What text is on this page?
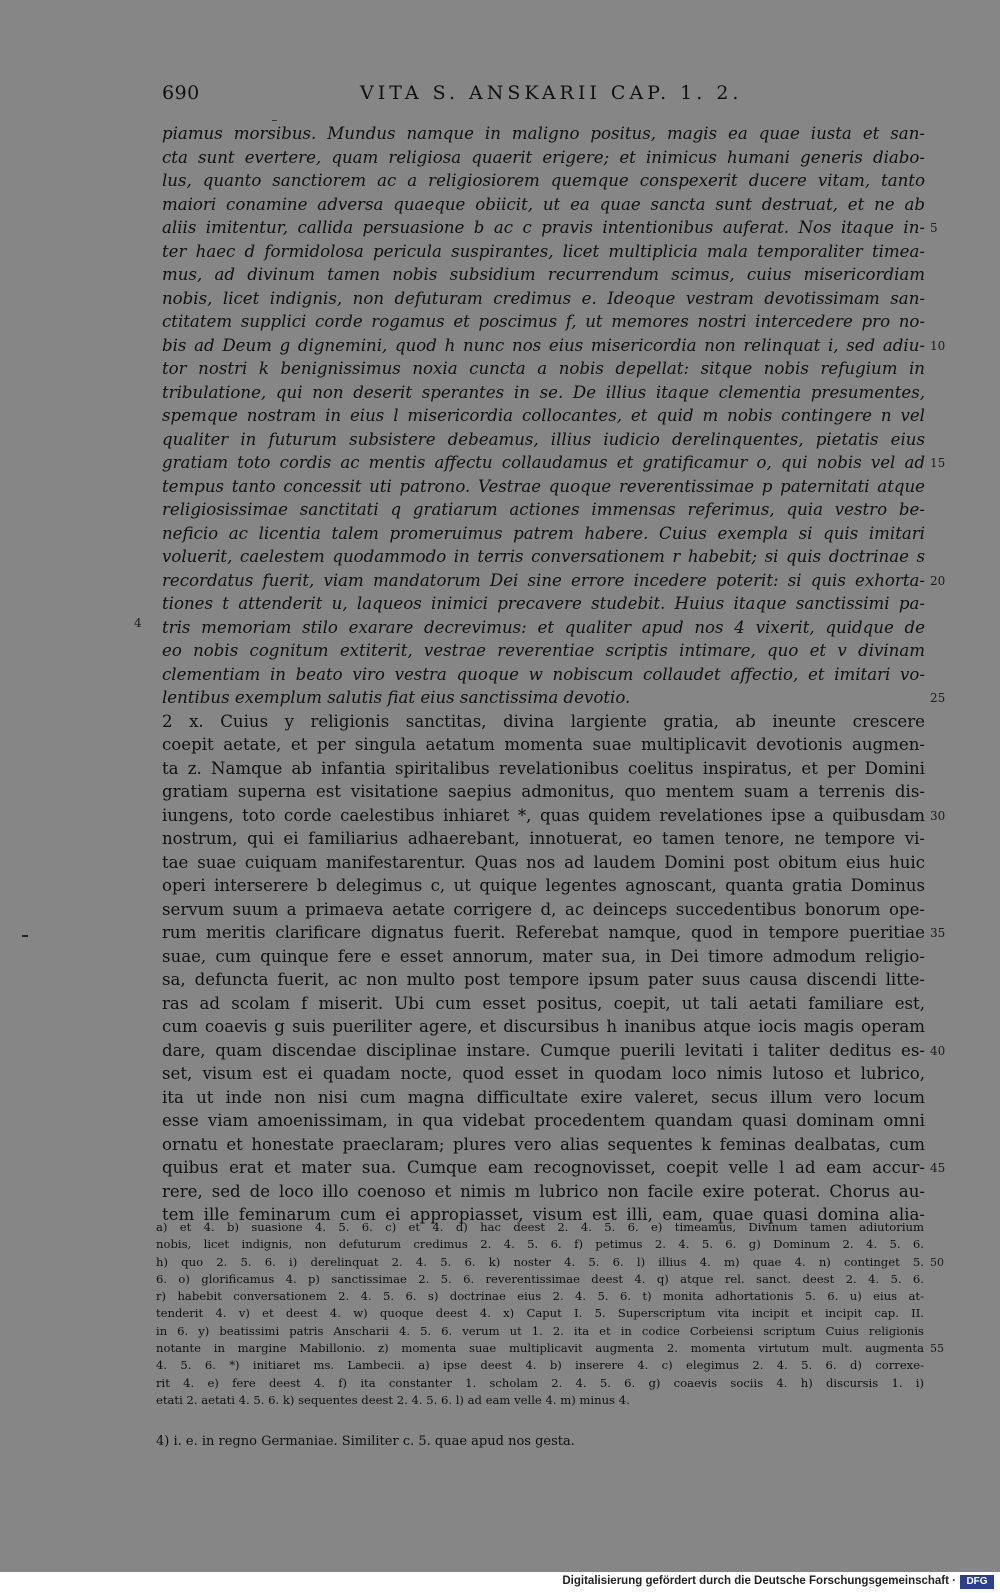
690	VITA S. ANSKARII CAP. 1. 2.
piamus morsibus. Mundus namque in maligno positus, magis ea quae iusta et san-
cta sunt evertere, quam religiosa quaerit erigere; et inimicus humani generis diabo-
lus, quanto sanctiorem ac a religiosiorem quemque conspexerit ducere vitam, tanto
maiori conamine adversa quaeque obiicit, ut ea quae sancta sunt destruat, et ne ab
aliis imitentur, callida persuasione b ac c pravis intentionibus auferat. Nos itaque in-
ter haec d formidolosa pericula suspirantes, licet multiplicia mala temporaliter timea-
mus, ad divinum tamen nobis subsidium recurrendum scimus, cuius misericordiam
nobis, licet indignis, non defuturam credimus e. Ideoque vestram devotissimam san-
ctitatem supplici corde rogamus et poscimus f, ut memores nostri intercedere pro no-
bis ad Deum g dignemini, quod h nunc nos eius misericordia non relinquat i, sed adiu-
tor nostri k benignissimus noxia cuncta a nobis depellat: sitque nobis refugium in
tribulatione, qui non deserit sperantes in se. De illius itaque clementia presumentes,
spemque nostram in eius l misericordia collocantes, et quid m nobis contingere n vel
qualiter in futurum subsistere debeamus, illius iudicio derelinquentes, pietatis eius
gratiam toto cordis ac mentis affectu collaudamus et gratificamur o, qui nobis vel ad
tempus tanto concessit uti patrono. Vestrae quoque reverentissimae p paternitati atque
religiosissimae sanctitati q gratiarum actiones immensas referimus, quia vestro be-
neficio ac licentia talem promeruimus patrem habere. Cuius exempla si quis imitari
voluerit, caelestem quodammodo in terris conversationem r habebit; si quis doctrinae s
recordatus fuerit, viam mandatorum Dei sine errore incedere poterit: si quis exhorta-
tiones t attenderit u, laqueos inimici precavere studebit. Huius itaque sanctissimi pa-
tris memoriam stilo exarare decrevimus: et qualiter apud nos 4 vixerit, quidque de
eo nobis cognitum extiterit, vestrae reverentiae scriptis intimare, quo et v divinam
clementiam in beato viro vestra quoque w nobiscum collaudet affectio, et imitari vo-
lentibus exemplum salutis fiat eius sanctissima devotio.
2 x. Cuius y religionis sanctitas, divina largiente gratia, ab ineunte crescere
coepit aetate, et per singula aetatum momenta suae multiplicavit devotionis augmen-
ta z. Namque ab infantia spiritalibus revelationibus coelitus inspiratus, et per Domini
gratiam superna est visitatione saepius admonitus, quo mentem suam a terrenis dis-
iungens, toto corde caelestibus inhiaret *, quas quidem revelationes ipse a quibusdam
nostrum, qui ei familiarius adhaerebant, innotuerat, eo tamen tenore, ne tempore vi-
tae suae cuiquam manifestarentur. Quas nos ad laudem Domini post obitum eius huic
operi interserere b delegimus c, ut quique legentes agnoscant, quanta gratia Dominus
servum suum a primaeva aetate corrigere d, ac deinceps succedentibus bonorum ope-
rum meritis clarificare dignatus fuerit. Referebat namque, quod in tempore pueritiae
suae, cum quinque fere e esset annorum, mater sua, in Dei timore admodum religio-
sa, defuncta fuerit, ac non multo post tempore ipsum pater suus causa discendi litte-
ras ad scolam f miserit. Ubi cum esset positus, coepit, ut tali aetati familiare est,
cum coaevis g suis pueriliter agere, et discursibus h inanibus atque iocis magis operam
dare, quam discendae disciplinae instare. Cumque puerili levitati i taliter deditus es-
set, visum est ei quadam nocte, quod esset in quodam loco nimis lutoso et lubrico,
ita ut inde non nisi cum magna difficultate exire valeret, secus illum vero locum
esse viam amoenissimam, in qua videbat procedentem quandam quasi dominam omni
ornatu et honestate praeclaram; plures vero alias sequentes k feminas dealbatas, cum
quibus erat et mater sua. Cumque eam recognovisset, coepit velle l ad eam accur-
rere, sed de loco illo coenoso et nimis m lubrico non facile exire poterat. Chorus au-
tem ille feminarum cum ei appropiasset, visum est illi, eam, quae quasi domina alia-
5
10
15
20
25
30
35
40
45
4
a) et 4. b) suasione 4. 5. 6. c) et 4. d) hac deest 2. 4. 5. 6. e) timeamus, Divinum tamen adiutorium
nobis, licet indignis, non defuturum credimus 2. 4. 5. 6. f) petimus 2. 4. 5. 6. g) Dominum 2. 4. 5. 6.
h) quo 2. 5. 6. i) derelinquat 2. 4. 5. 6. k) noster 4. 5. 6. l) illius 4. m) quae 4. n) continget 5.
6. o) glorificamus 4. p) sanctissimae 2. 5. 6. reverentissimae deest 4. q) atque rel. sanct. deest 2. 4. 5. 6.
r) habebit conversationem 2. 4. 5. 6. s) doctrinae eius 2. 4. 5. 6. t) monita adhortationis 5. 6. u) eius at-
tenderit 4. v) et deest 4. w) quoque deest 4. x) Caput I. 5. Superscriptum vita incipit et incipit cap. II.
in 6. y) beatissimi patris Anscharii 4. 5. 6. verum ut 1. 2. ita et in codice Corbeiensi scriptum Cuius religionis
notante in margine Mabillonio. z) momenta suae multiplicavit augmenta 2. momenta virtutum mult. augmenta
4. 5. 6. *) initiaret ms. Lambecii. a) ipse deest 4. b) inserere 4. c) elegimus 2. 4. 5. 6. d) correxe-
rit 4. e) fere deest 4. f) ita constanter 1. scholam 2. 4. 5. 6. g) coaevis sociis 4. h) discursis 1. i)
etati 2. aetati 4. 5. 6. k) sequentes deest 2. 4. 5. 6. l) ad eam velle 4. m) minus 4.
50
55
4) i. e. in regno Germaniae. Similiter c. 5. quae apud nos gesta.
Digitalisierung gefördert durch die Deutsche Forschungsgemeinschaft ·	DFG
